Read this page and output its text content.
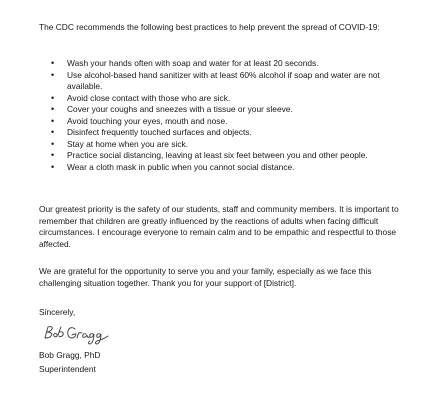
The CDC recommends the following best practices to help prevent the spread of COVID-19:

• Wash your hands often with soap and water for at least 20 seconds.
• Use alcohol-based hand sanitizer with at least 60% alcohol if soap and water are not available.
• Avoid close contact with those who are sick.
• Cover your coughs and sneezes with a tissue or your sleeve.
• Avoid touching your eyes, mouth and nose.
• Disinfect frequently touched surfaces and objects.
• Stay at home when you are sick.
• Practice social distancing, leaving at least six feet between you and other people.
• Wear a cloth mask in public when you cannot social distance.

Our greatest priority is the safety of our students, staff and community members. It is important to remember that children are greatly influenced by the reactions of adults when facing difficult circumstances. I encourage everyone to remain calm and to be empathic and respectful to those affected.

We are grateful for the opportunity to serve you and your family, especially as we face this challenging situation together. Thank you for your support of [District].

Sincerely,

Bob Gragg, PhD

Superintendent
